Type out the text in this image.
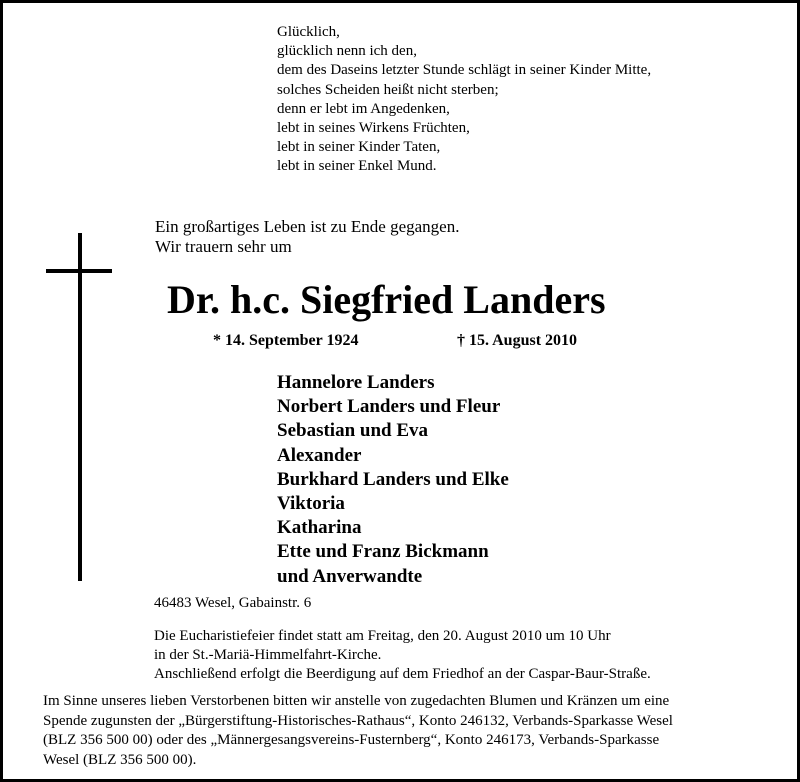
Glücklich,
glücklich nenn ich den,
dem des Daseins letzter Stunde schlägt in seiner Kinder Mitte,
solches Scheiden heißt nicht sterben;
denn er lebt im Angedenken,
lebt in seines Wirkens Früchten,
lebt in seiner Kinder Taten,
lebt in seiner Enkel Mund.
Ein großartiges Leben ist zu Ende gegangen.
Wir trauern sehr um
Dr. h.c. Siegfried Landers
* 14. September 1924	† 15. August 2010
Hannelore Landers
Norbert Landers und Fleur
Sebastian und Eva
Alexander
Burkhard Landers und Elke
Viktoria
Katharina
Ette und Franz Bickmann
und Anverwandte
46483 Wesel, Gabainstr. 6
Die Eucharistiefeier findet statt am Freitag, den 20. August 2010 um 10 Uhr
in der St.-Mariä-Himmelfahrt-Kirche.
Anschließend erfolgt die Beerdigung auf dem Friedhof an der Caspar-Baur-Straße.
Im Sinne unseres lieben Verstorbenen bitten wir anstelle von zugedachten Blumen und Kränzen um eine
Spende zugunsten der „Bürgerstiftung-Historisches-Rathaus“, Konto 246132, Verbands-Sparkasse Wesel
(BLZ 356 500 00) oder des „Männergesangsvereins-Fusternberg“, Konto 246173, Verbands-Sparkasse
Wesel (BLZ 356 500 00).
